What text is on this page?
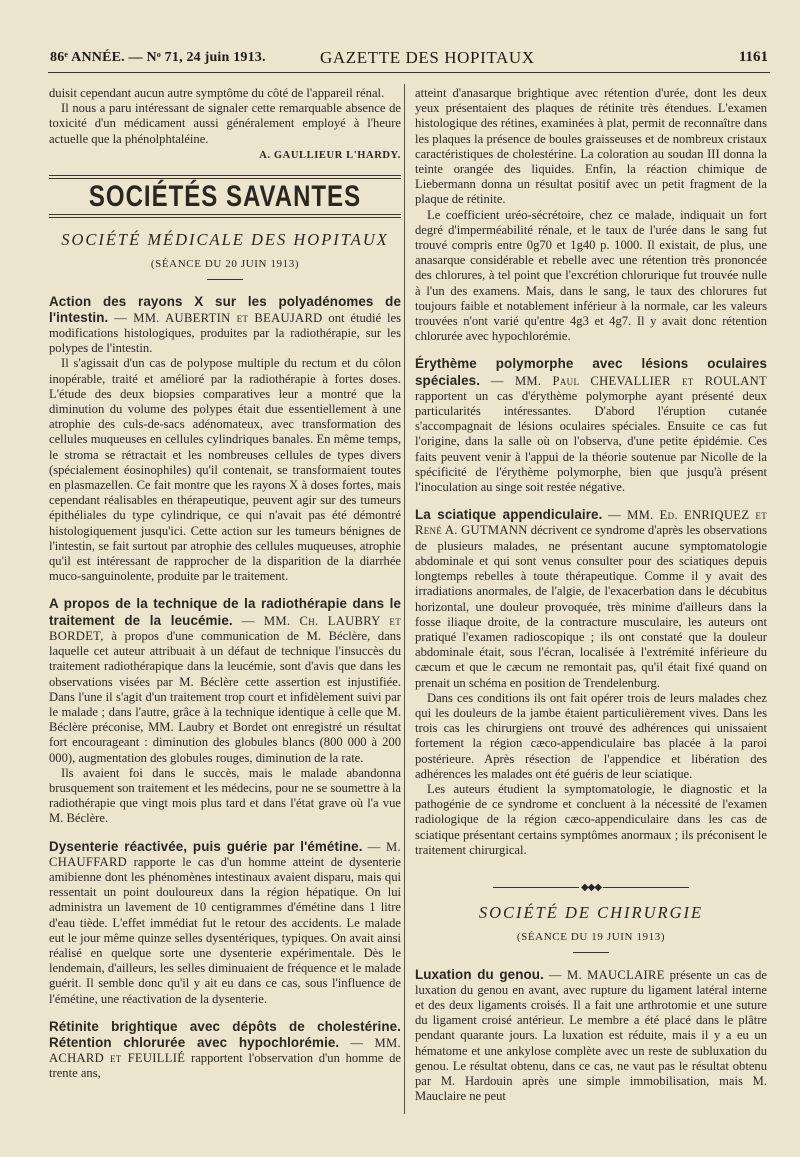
86ᵉ ANNÉE. — Nᵒ 71, 24 juin 1913.	GAZETTE DES HOPITAUX	1161

duisit cependant aucun autre symptôme du côté de l'appareil rénal.

Il nous a paru intéressant de signaler cette remarquable absence de toxicité d'un médicament aussi généralement employé à l'heure actuelle que la phénolphtaléine.

A. GAULLIEUR L'HARDY.
SOCIÉTÉS SAVANTES
SOCIÉTÉ MÉDICALE DES HOPITAUX
(SÉANCE DU 20 JUIN 1913)

Action des rayons X sur les polyadénomes de l'intestin. — MM. AUBERTIN et BEAUJARD ont étudié les modifications histologiques, produites par la radiothérapie, sur les polypes de l'intestin.

Il s'agissait d'un cas de polypose multiple du rectum et du côlon inopérable, traité et amélioré par la radiothérapie à fortes doses. L'étude des deux biopsies comparatives leur a montré que la diminution du volume des polypes était due essentiellement à une atrophie des culs-de-sacs adénomateux, avec transformation des cellules muqueuses en cellules cylindriques banales. En même temps, le stroma se rétractait et les nombreuses cellules de types divers (spécialement éosinophiles) qu'il contenait, se transformaient toutes en plasmazellen. Ce fait montre que les rayons X à doses fortes, mais cependant réalisables en thérapeutique, peuvent agir sur des tumeurs épithéliales du type cylindrique, ce qui n'avait pas été démontré histologiquement jusqu'ici. Cette action sur les tumeurs bénignes de l'intestin, se fait surtout par atrophie des cellules muqueuses, atrophie qu'il est intéressant de rapprocher de la disparition de la diarrhée muco-sanguinolente, produite par le traitement.

A propos de la technique de la radiothérapie dans le traitement de la leucémie. — MM. Ch. LAUBRY et BORDET, à propos d'une communication de M. Béclère, dans laquelle cet auteur attribuait à un défaut de technique l'insuccès du traitement radiothérapique dans la leucémie, sont d'avis que dans les observations visées par M. Béclère cette assertion est injustifiée. Dans l'une il s'agit d'un traitement trop court et infidèlement suivi par le malade ; dans l'autre, grâce à la technique identique à celle que M. Béclère préconise, MM. Laubry et Bordet ont enregistré un résultat fort encourageant : diminution des globules blancs (800 000 à 200 000), augmentation des globules rouges, diminution de la rate.

Ils avaient foi dans le succès, mais le malade abandonna brusquement son traitement et les médecins, pour ne se soumettre à la radiothérapie que vingt mois plus tard et dans l'état grave où l'a vue M. Béclère.

Dysenterie réactivée, puis guérie par l'émétine. — M. CHAUFFARD rapporte le cas d'un homme atteint de dysenterie amibienne dont les phénomènes intestinaux avaient disparu, mais qui ressentait un point douloureux dans la région hépatique. On lui administra un lavement de 10 centigrammes d'émétine dans 1 litre d'eau tiède. L'effet immédiat fut le retour des accidents. Le malade eut le jour même quinze selles dysentériques, typiques. On avait ainsi réalisé en quelque sorte une dysenterie expérimentale. Dès le lendemain, d'ailleurs, les selles diminuaient de fréquence et le malade guérit. Il semble donc qu'il y ait eu dans ce cas, sous l'influence de l'émétine, une réactivation de la dysenterie.

Rétinite brightique avec dépôts de cholestérine. Rétention chlorurée avec hypochlorémie. — MM. ACHARD et FEUILLIÉ rapportent l'observation d'un homme de trente ans,

atteint d'anasarque brightique avec rétention d'urée, dont les deux yeux présentaient des plaques de rétinite très étendues. L'examen histologique des rétines, examinées à plat, permit de reconnaître dans les plaques la présence de boules graisseuses et de nombreux cristaux caractéristiques de cholestérine. La coloration au soudan III donna la teinte orangée des liquides. Enfin, la réaction chimique de Liebermann donna un résultat positif avec un petit fragment de la plaque de rétinite.

Le coefficient uréo-sécrétoire, chez ce malade, indiquait un fort degré d'imperméabilité rénale, et le taux de l'urée dans le sang fut trouvé compris entre 0g70 et 1g40 p. 1000. Il existait, de plus, une anasarque considérable et rebelle avec une rétention très prononcée des chlorures, à tel point que l'excrétion chlorurique fut trouvée nulle à l'un des examens. Mais, dans le sang, le taux des chlorures fut toujours faible et notablement inférieur à la normale, car les valeurs trouvées n'ont varié qu'entre 4g3 et 4g7. Il y avait donc rétention chlorurée avec hypochlorémie.

Érythème polymorphe avec lésions oculaires spéciales. — MM. Paul CHEVALLIER et ROULANT rapportent un cas d'érythème polymorphe ayant présenté deux particularités intéressantes. D'abord l'éruption cutanée s'accompagnait de lésions oculaires spéciales. Ensuite ce cas fut l'origine, dans la salle où on l'observa, d'une petite épidémie. Ces faits peuvent venir à l'appui de la théorie soutenue par Nicolle de la spécificité de l'érythème polymorphe, bien que jusqu'à présent l'inoculation au singe soit restée négative.

La sciatique appendiculaire. — MM. Ed. ENRIQUEZ et René A. GUTMANN décrivent ce syndrome d'après les observations de plusieurs malades, ne présentant aucune symptomatologie abdominale et qui sont venus consulter pour des sciatiques depuis longtemps rebelles à toute thérapeutique. Comme il y avait des irradiations anormales, de l'algie, de l'exacerbation dans le décubitus horizontal, une douleur provoquée, très minime d'ailleurs dans la fosse iliaque droite, de la contracture musculaire, les auteurs ont pratiqué l'examen radioscopique ; ils ont constaté que la douleur abdominale était, sous l'écran, localisée à l'extrémité inférieure du cæcum et que le cæcum ne remontait pas, qu'il était fixé quand on prenait un schéma en position de Trendelenburg.

Dans ces conditions ils ont fait opérer trois de leurs malades chez qui les douleurs de la jambe étaient particulièrement vives. Dans les trois cas les chirurgiens ont trouvé des adhérences qui unissaient fortement la région cæco-appendiculaire bas placée à la paroi postérieure. Après résection de l'appendice et libération des adhérences les malades ont été guéris de leur sciatique.

Les auteurs étudient la symptomatologie, le diagnostic et la pathogénie de ce syndrome et concluent à la nécessité de l'examen radiologique de la région cæco-appendiculaire dans les cas de sciatique présentant certains symptômes anormaux ; ils préconisent le traitement chirurgical.

◆◆◆
SOCIÉTÉ DE CHIRURGIE
(SÉANCE DU 19 JUIN 1913)

Luxation du genou. — M. MAUCLAIRE présente un cas de luxation du genou en avant, avec rupture du ligament latéral interne et des deux ligaments croisés. Il a fait une arthrotomie et une suture du ligament croisé antérieur. Le membre a été placé dans le plâtre pendant quarante jours. La luxation est réduite, mais il y a eu un hématome et une ankylose complète avec un reste de subluxation du genou. Le résultat obtenu, dans ce cas, ne vaut pas le résultat obtenu par M. Hardouin après une simple immobilisation, mais M. Mauclaire ne peut
